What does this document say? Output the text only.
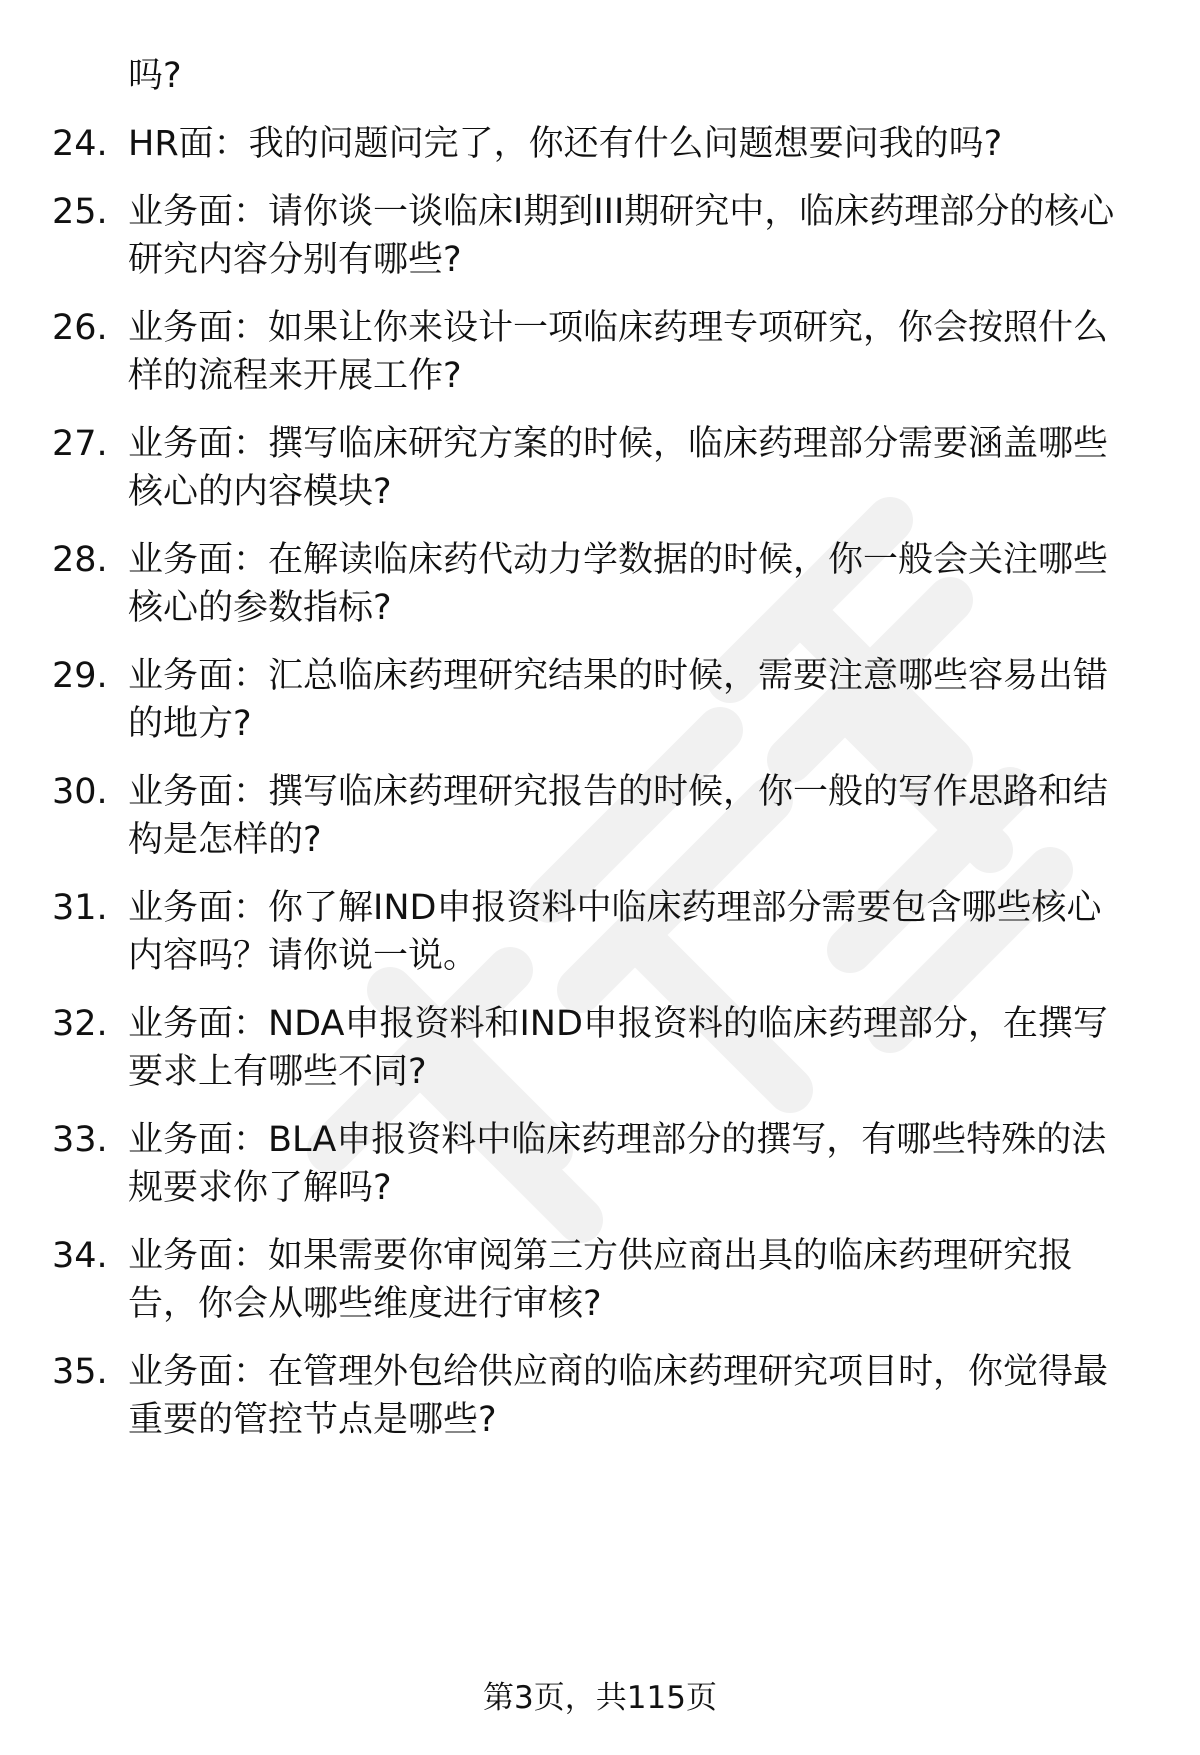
吗?
24. HR面：我的问题问完了，你还有什么问题想要问我的吗?
25. 业务面：请你谈一谈临床I期到III期研究中，临床药理部分的核心
研究内容分别有哪些?
26. 业务面：如果让你来设计一项临床药理专项研究，你会按照什么
样的流程来开展工作?
27. 业务面：撰写临床研究方案的时候，临床药理部分需要涵盖哪些
核心的内容模块?
28. 业务面：在解读临床药代动力学数据的时候，你一般会关注哪些
核心的参数指标?
29. 业务面：汇总临床药理研究结果的时候，需要注意哪些容易出错
的地方?
30. 业务面：撰写临床药理研究报告的时候，你一般的写作思路和结
构是怎样的?
31. 业务面：你了解IND申报资料中临床药理部分需要包含哪些核心
内容吗？请你说一说。
32. 业务面：NDA申报资料和IND申报资料的临床药理部分，在撰写
要求上有哪些不同?
33. 业务面：BLA申报资料中临床药理部分的撰写，有哪些特殊的法
规要求你了解吗?
34. 业务面：如果需要你审阅第三方供应商出具的临床药理研究报
告，你会从哪些维度进行审核?
35. 业务面：在管理外包给供应商的临床药理研究项目时，你觉得最
重要的管控节点是哪些?
第3页，共115页
